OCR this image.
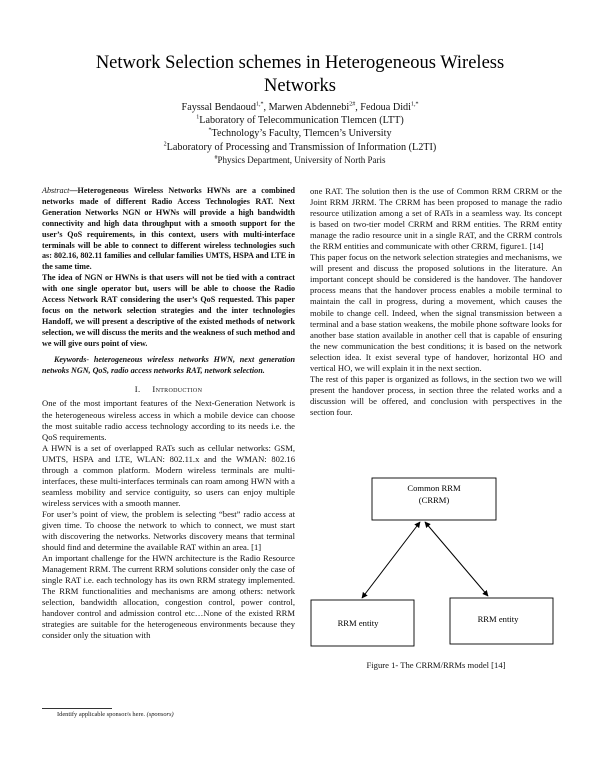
Network Selection schemes in Heterogeneous Wireless
Networks
Fayssal Bendaoud$^{1,*}$, Marwen Abdennebi$^{2\#}$, Fedoua Didi$^{1,*}$
$^1$Laboratory of Telecommunication Tlemcen (LTT)
*Technology’s Faculty, Tlemcen’s University
$^2$Laboratory of Processing and Transmission of Information (L2TI)
#Physics Department, University of North Paris

Abstract—Heterogeneous Wireless Networks HWNs are a combined networks made of different Radio Access Technologies RAT. Next Generation Networks NGN or HWNs will provide a high bandwidth connectivity and high data throughput with a smooth support for the user’s QoS requirements, in this context, users with multi-interface terminals will be able to connect to different wireless technologies such as: 802.16, 802.11 families and cellular families UMTS, HSPA and LTE in the same time.

The idea of NGN or HWNs is that users will not be tied with a contract with one single operator but, users will be able to choose the Radio Access Network RAT considering the user’s QoS requested. This paper focus on the network selection strategies and the inter technologies Handoff, we will present a descriptive of the existed methods of network selection, we will discuss the merits and the weakness of such method and we will give ours point of view.

Keywords- heterogeneous wireless networks HWN, next generation netwoks NGN, QoS, radio access networks RAT, network selection.

I. Introduction

One of the most important features of the Next-Generation Network is the heterogeneous wireless access in which a mobile device can choose the most suitable radio access technology according to its needs i.e. the QoS requirements.

A HWN is a set of overlapped RATs such as cellular networks: GSM, UMTS, HSPA and LTE, WLAN: 802.11.x and the WMAN: 802.16 through a common platform. Modern wireless terminals are multi-interfaces, these multi-interfaces terminals can roam among HWN with a seamless mobility and service contiguity, so users can enjoy multiple wireless services with a smooth manner.

For user’s point of view, the problem is selecting “best” radio access at given time. To choose the network to which to connect, we must start with discovering the networks. Networks discovery means that terminal should find and determine the available RAT within an area. [1]

An important challenge for the HWN architecture is the Radio Resource Management RRM. The current RRM solutions consider only the case of single RAT i.e. each technology has its own RRM strategy implemented. The RRM functionalities and mechanisms are among others: network selection, bandwidth allocation, congestion control, power control, handover control and admission control etc…None of the existed RRM strategies are suitable for the heterogeneous environments because they consider only the situation with

one RAT. The solution then is the use of Common RRM CRRM or the Joint RRM JRRM. The CRRM has been proposed to manage the radio resource utilization among a set of RATs in a seamless way. Its concept is based on two-tier model CRRM and RRM entities. The RRM entity manage the radio resource unit in a single RAT, and the CRRM controls the RRM entities and communicate with other CRRM, figure1. [14]

This paper focus on the network selection strategies and mechanisms, we will present and discuss the proposed solutions in the literature. An important concept should be considered is the handover. The handover process means that the handover process enables a mobile terminal to maintain the call in progress, during a movement, which causes the mobile to change cell. Indeed, when the signal transmission between a terminal and a base station weakens, the mobile phone software looks for another base station available in another cell that is capable of ensuring the new communication the best conditions; it is based on the network selection idea. It exist several type of handover, horizontal HO and vertical HO, we will explain it in the next section.

The rest of this paper is organized as follows, in the section two we will present the handover process, in section three the related works and a discussion will be offered, and conclusion with perspectives in the section four.

Common RRM
(CRRM)
RRM entity	RRM entity
Figure 1- The CRRM/RRMs model [14]
Identify applicable sponsor/s here. (sponsors)
